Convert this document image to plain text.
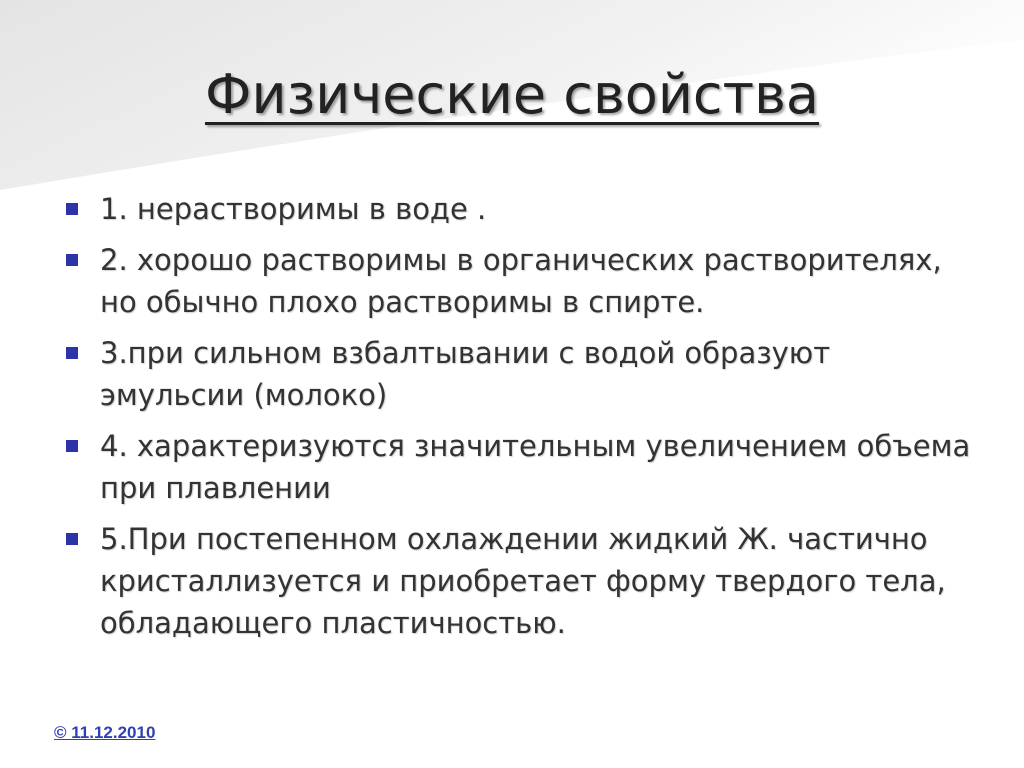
Физические свойства
1. нерастворимы в воде .
2. хорошо растворимы в органических растворителях, но обычно плохо растворимы в спирте.
3.при сильном взбалтывании с водой образуют эмульсии (молоко)
4. характеризуются значительным увеличением объема при плавлении
5.При постепенном охлаждении жидкий Ж. частично кристаллизуется и приобретает форму твердого тела, обладающего пластичностью.
© 11.12.2010
